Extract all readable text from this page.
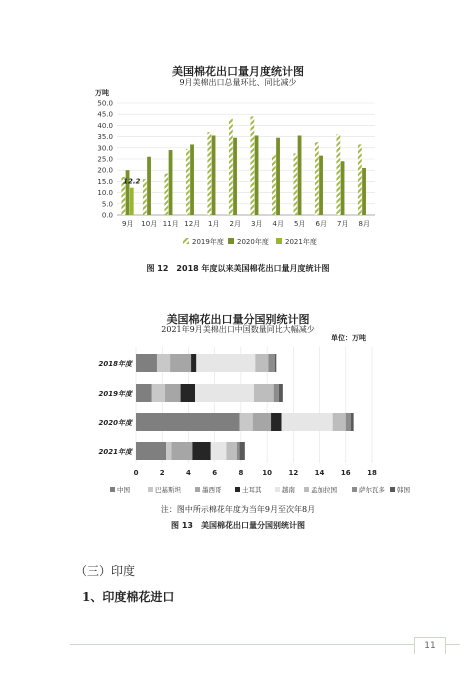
美国棉花出口量月度统计图
9月美棉出口总量环比、同比减少
万吨
0.0
5.0
10.0
15.0
20.0
25.0
30.0
35.0
40.0
45.0
50.0
9月 10月 11月 12月 1月 2月 3月 4月 5月 6月 7月 8月
12.2
2019年度 2020年度 2021年度
图 12　2018 年度以来美国棉花出口量月度统计图
美国棉花出口量分国别统计图
2021年9月美棉出口中国数量同比大幅减少
单位：万吨
0	2	4	6	8	10 12 14 16 18
2018年度
2019年度
2020年度
2021年度
中国	巴基斯坦	墨西哥	土耳其	越南 孟加拉国	萨尔瓦多 韩国
注：图中所示棉花年度为当年9月至次年8月
图 13　美国棉花出口量分国别统计图
（三）印度
1、印度棉花进口
11
